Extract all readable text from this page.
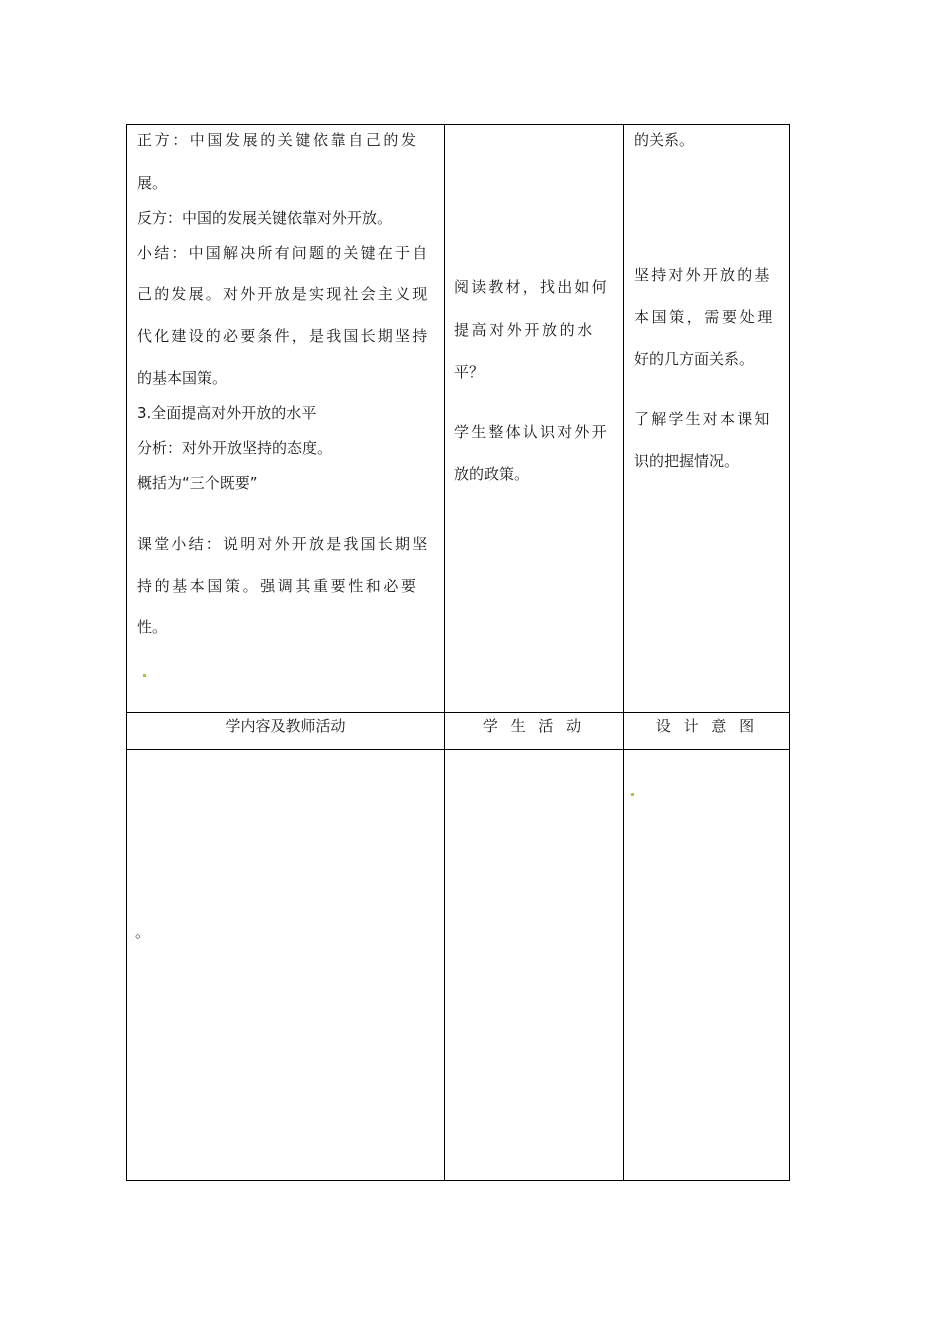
正方：中国发展的关键依靠自己的发

展。

反方：中国的发展关键依靠对外开放。

小结：中国解决所有问题的关键在于自

己的发展。对外开放是实现社会主义现

代化建设的必要条件，是我国长期坚持

的基本国策。

3.全面提高对外开放的水平

分析：对外开放坚持的态度。

概括为“三个既要”

课堂小结：说明对外开放是我国长期坚

持的基本国策。强调其重要性和必要

性。

阅读教材，找出如何

提高对外开放的水

平？

学生整体认识对外开

放的政策。

的关系。

坚持对外开放的基

本国策，需要处理

好的几方面关系。

了解学生对本课知

识的把握情况。

学内容及教师活动	学 生 活 动	设 计 意 图
。
